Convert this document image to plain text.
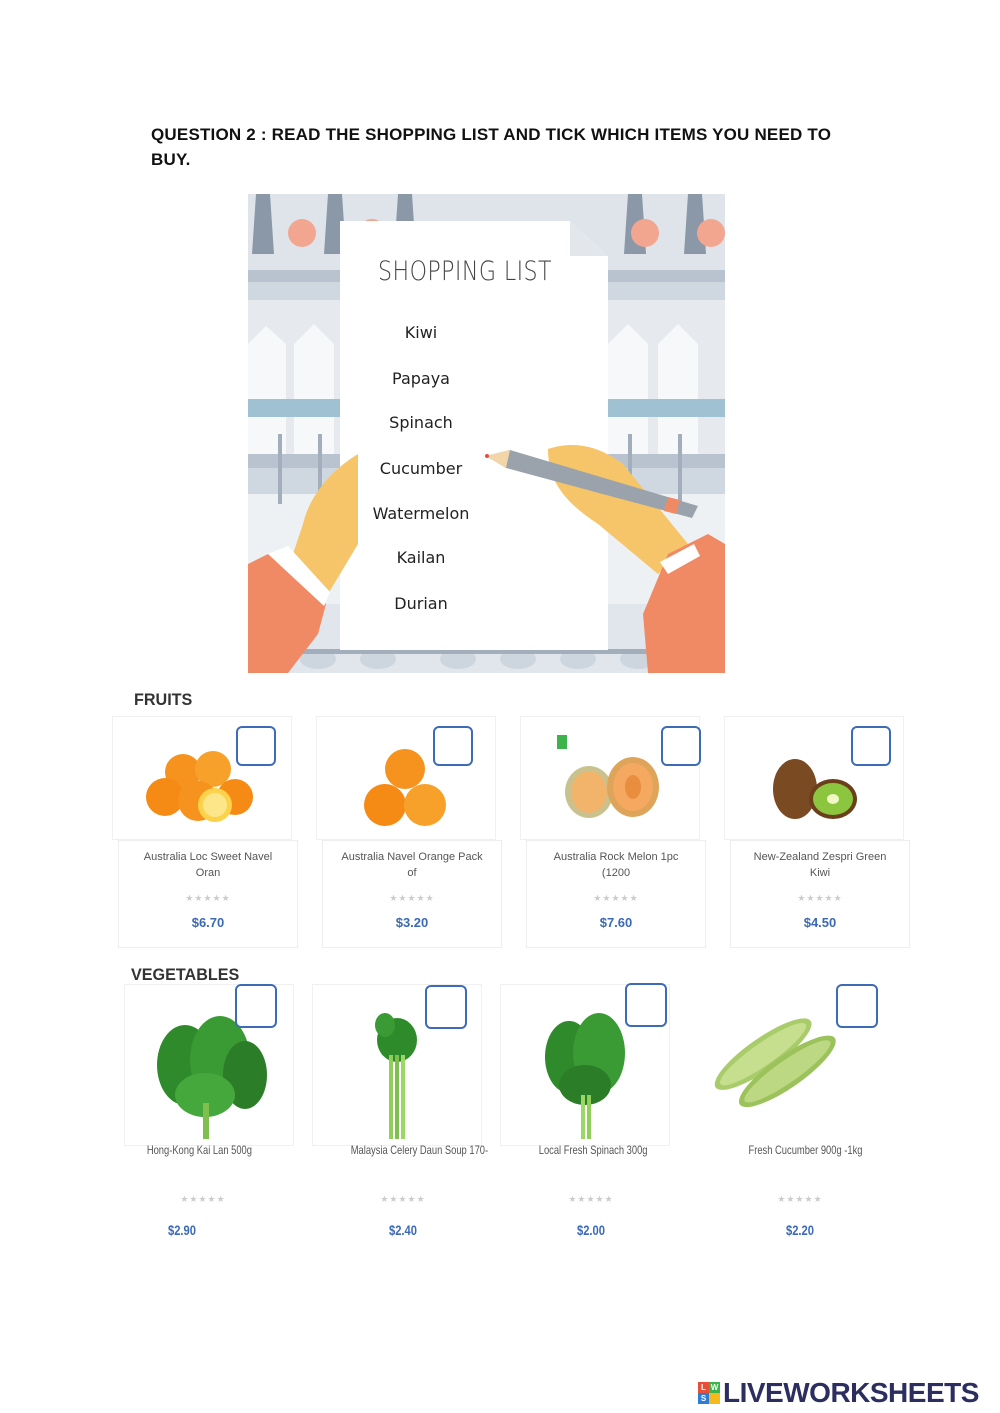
QUESTION 2 : READ THE SHOPPING LIST AND TICK WHICH ITEMS YOU NEED TO BUY.
SHOPPING LIST
Kiwi
Papaya
Spinach
Cucumber
Watermelon
Kailan
Durian
FRUITS
Australia Loc Sweet Navel Oran
★★★★★
$6.70
Australia Navel Orange Pack of
★★★★★
$3.20
Australia Rock Melon 1pc (1200
★★★★★
$7.60
New-Zealand Zespri Green Kiwi
★★★★★
$4.50
VEGETABLES
Hong-Kong Kai Lan 500g
★★★★★
$2.90
Malaysia Celery Daun Soup 170-
★★★★★
$2.40
Local Fresh Spinach 300g
★★★★★
$2.00
Fresh Cucumber 900g -1kg
★★★★★
$2.20
L W
S LIVEWORKSHEETS
